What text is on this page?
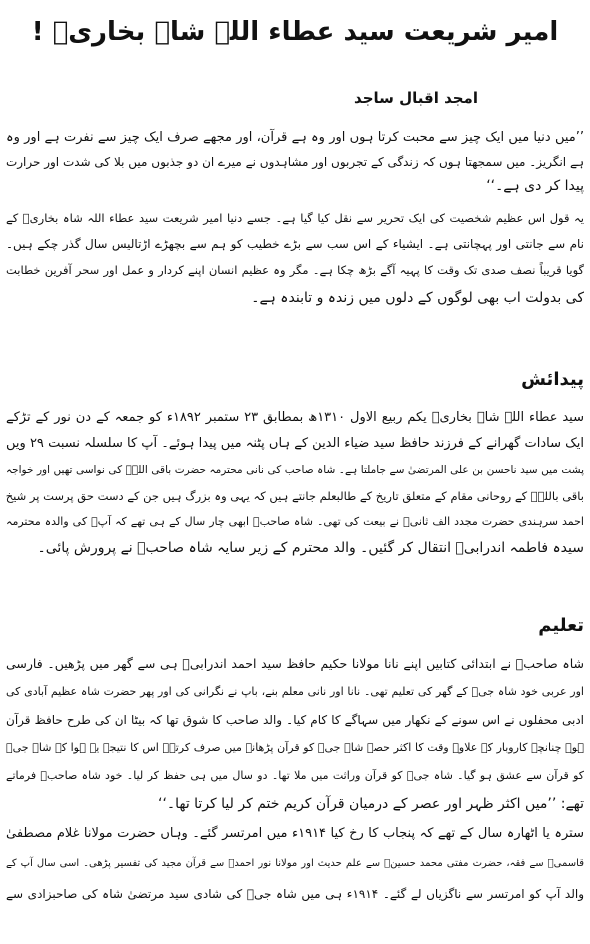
امیر شریعت سید عطاء اللہ شاہ بخاریؒ !
امجد اقبال ساجد
’’میں دنیا میں ایک چیز سے محبت کرتا ہوں اور وہ ہے قرآن، اور مجھے صرف ایک چیز سے نفرت ہے اور وہ
ہے انگریز۔ میں سمجھتا ہوں کہ زندگی کے تجربوں اور مشاہدوں نے میرے ان دو جذبوں میں بلا کی شدت اور حرارت
پیدا کر دی ہے۔‘‘
یہ قول اس عظیم شخصیت کی ایک تحریر سے نقل کیا گیا ہے۔ جسے دنیا امیر شریعت سید عطاء اللہ شاہ بخاریؒ کے
نام سے جانتی اور پہچانتی ہے۔ ایشیاء کے اس سب سے بڑے خطیب کو ہم سے بچھڑے اڑتالیس سال گذر چکے ہیں۔
گویا قریباً نصف صدی تک وقت کا پہیہ آگے بڑھ چکا ہے۔ مگر وہ عظیم انسان اپنے کردار و عمل اور سحر آفرین خطابت
کی بدولت اب بھی لوگوں کے دلوں میں زندہ و تابندہ ہے۔
پیدائش
سید عطاء اللہ شاہ بخاریؒ یکم ربیع الاول ۱۳۱۰ھ بمطابق ۲۳ ستمبر ۱۸۹۲ء کو جمعہ کے دن نور کے تڑکے
ایک سادات گھرانے کے فرزند حافظ سید ضیاء الدین کے ہاں پٹنہ میں پیدا ہوئے۔ آپ کا سلسلہ نسبت ۲۹ ویں
پشت میں سید ناحسن بن علی المرتضیٰ سے جاملتا ہے۔ شاہ صاحب کی نانی محترمہ حضرت باقی اللہؒ کی نواسی تھیں اور خواجہ
باقی باللہؒ کے روحانی مقام کے متعلق تاریخ کے طالبعلم جانتے ہیں کہ یہی وہ بزرگ ہیں جن کے دست حق پرست پر شیخ
احمد سرہندی حضرت مجدد الف ثانیؒ نے بیعت کی تھی۔ شاہ صاحبؒ ابھی چار سال کے ہی تھے کہ آپؒ کی والدہ محترمہ
سیدہ فاطمہ اندرابیؒ انتقال کر گئیں۔ والد محترم کے زیر سایہ شاہ صاحبؒ نے پرورش پائی۔
تعلیم
شاہ صاحبؒ نے ابتدائی کتابیں اپنے نانا مولانا حکیم حافظ سید احمد اندرابیؒ ہی سے گھر میں پڑھیں۔ فارسی
اور عربی خود شاہ جیؒ کے گھر کی تعلیم تھی۔ نانا اور نانی معلم بنے، باپ نے نگرانی کی اور پھر حضرت شاہ عظیم آبادی کی
ادبی محفلوں نے اس سونے کے نکھار میں سہاگے کا کام کیا۔ والد صاحب کا شوق تھا کہ بیٹا ان کی طرح حافظ قرآن
ہو۔ چنانچہ کاروبار کے علاوہ وقت کا اکثر حصہ شاہ جیؒ کو قرآن پڑھانے میں صرف کرتے۔ اس کا نتیجہ یہ ہوا کہ شاہ جیؒ
کو قرآن سے عشق ہو گیا۔ شاہ جیؒ کو قرآن وراثت میں ملا تھا۔ دو سال میں ہی حفظ کر لیا۔ خود شاہ صاحبؒ فرماتے
تھے: ’’میں اکثر ظہر اور عصر کے درمیان قرآن کریم ختم کر لیا کرتا تھا۔‘‘
سترہ یا اٹھارہ سال کے تھے کہ پنجاب کا رخ کیا ۱۹۱۴ء میں امرتسر گئے۔ وہاں حضرت مولانا غلام مصطفیٰ
قاسمیؒ سے فقہ، حضرت مفتی محمد حسینؒ سے علم حدیث اور مولانا نور احمدؒ سے قرآن مجید کی تفسیر پڑھی۔ اسی سال آپ کے
والد آپ کو امرتسر سے ناگزیاں لے گئے۔ ۱۹۱۴ء ہی میں شاہ جیؒ کی شادی سید مرتضیٰ شاہ کی صاحبزادی سے
